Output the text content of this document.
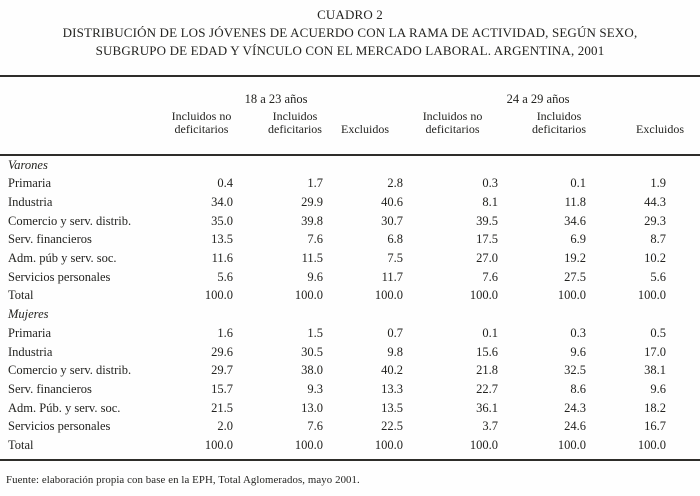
CUADRO 2
DISTRIBUCIÓN DE LOS JÓVENES DE ACUERDO CON LA RAMA DE ACTIVIDAD, SEGÚN SEXO,
SUBGRUPO DE EDAD Y VÍNCULO CON EL MERCADO LABORAL. ARGENTINA, 2001
	18 a 23 años			24 a 29 años		
	Incluidos no deficitarios	Incluidos deficitarios	Excluidos	Incluidos no deficitarios	Incluidos deficitarios	Excluidos
Varones						
Primaria	0.4	1.7	2.8	0.3	0.1	1.9
Industria	34.0	29.9	40.6	8.1	11.8	44.3
Comercio y serv. distrib.	35.0	39.8	30.7	39.5	34.6	29.3
Serv. financieros	13.5	7.6	6.8	17.5	6.9	8.7
Adm. púb y serv. soc.	11.6	11.5	7.5	27.0	19.2	10.2
Servicios personales	5.6	9.6	11.7	7.6	27.5	5.6
Total	100.0	100.0	100.0	100.0	100.0	100.0
Mujeres						
Primaria	1.6	1.5	0.7	0.1	0.3	0.5
Industria	29.6	30.5	9.8	15.6	9.6	17.0
Comercio y serv. distrib.	29.7	38.0	40.2	21.8	32.5	38.1
Serv. financieros	15.7	9.3	13.3	22.7	8.6	9.6
Adm. Púb. y serv. soc.	21.5	13.0	13.5	36.1	24.3	18.2
Servicios personales	2.0	7.6	22.5	3.7	24.6	16.7
Total	100.0	100.0	100.0	100.0	100.0	100.0
Fuente: elaboración propia con base en la EPH, Total Aglomerados, mayo 2001.
